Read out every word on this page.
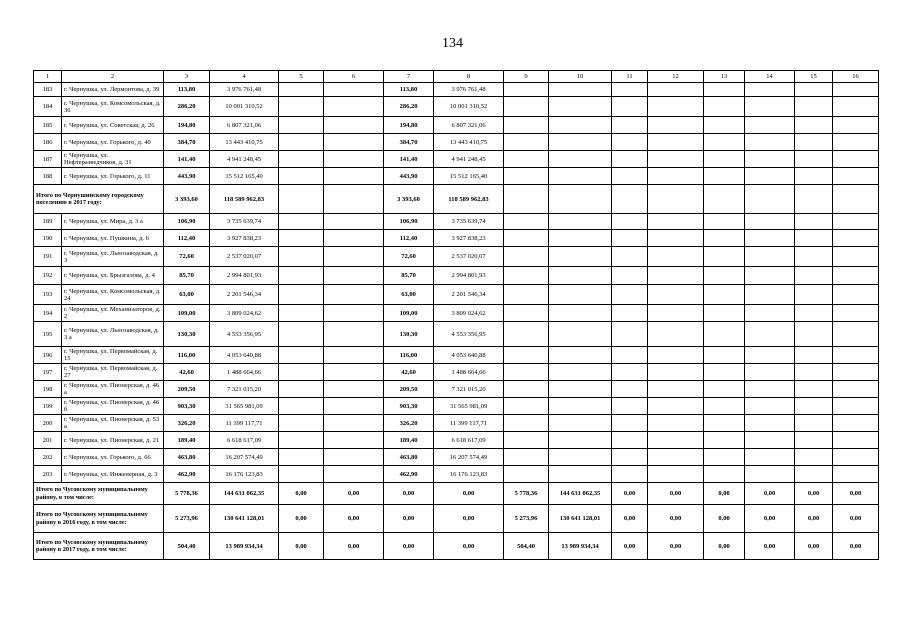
134
1	2	3	4	5	6	7	8	9	10	11	12	13	14	15	16
183	г. Чернушка, ул. Лермонтова, д. 39	113,80	3 976 761,48			113,80	3 976 761,48								
184	г. Чернушка, ул. Комсомольская, д. 36	286,20	10 001 310,52			286,20	10 001 310,52								
185	г. Чернушка, ул. Советская, д. 26	194,80	6 807 321,06			194,80	6 807 321,06								
186	г. Чернушка, ул. Горького, д. 40	384,70	13 443 410,75			384,70	13 443 410,75								
187	г. Чернушка, ул. Нефтеразведчиков, д. 31	141,40	4 941 248,45			141,40	4 941 248,45								
188	г. Чернушка, ул. Горького, д. 11	443,90	15 512 165,40			443,90	15 512 165,40								
Итого по Чернушинскому городскому поселению в 2017 году:		3 393,60	118 589 962,83			3 393,60	118 589 962,83								
189	г. Чернушка, ул. Мира, д. 3 а	106,90	3 735 639,74			106,90	3 735 639,74								
190	г. Чернушка, ул. Пушкина, д. 6	112,40	3 927 838,23			112,40	3 927 838,23								
191	г. Чернушка, ул. Льнозаводская, д. 3	72,60	2 537 020,07			72,60	2 537 020,07								
192	г. Чернушка, ул. Брызгалова, д. 4	85,70	2 994 801,93			85,70	2 994 801,93								
193	г. Чернушка, ул. Комсомольская, д. 24	63,00	2 201 546,34			63,00	2 201 546,34								
194	г. Чернушка, ул. Механизаторов, д. 2	109,00	3 809 024,62			109,00	3 809 024,62								
195	г. Чернушка, ул. Льнозаводская, д. 3 а	130,30	4 553 356,95			130,30	4 553 356,95								
196	г. Чернушка, ул. Первомайская, д. 15	116,00	4 053 640,88			116,00	4 053 640,88								
197	г. Чернушка, ул. Первомайская, д. 27	42,60	1 488 664,66			42,60	1 488 664,66								
198	г. Чернушка, ул. Пионерская, д. 46 а	209,50	7 321 015,20			209,50	7 321 015,20								
199	г. Чернушка, ул. Пионерская, д. 46 б	903,30	31 565 981,09			903,30	31 565 981,09								
200	г. Чернушка, ул. Пионерская, д. 53 а	326,20	11 399 117,71			326,20	11 399 117,71								
201	г. Чернушка, ул. Пионерская, д. 21	189,40	6 618 617,09			189,40	6 618 617,09								
202	г. Чернушка, ул. Горького, д. 66	463,80	16 207 574,49			463,80	16 207 574,49								
203	г. Чернушка, ул. Инженерная, д. 3	462,90	16 176 123,83			462,90	16 176 123,83								
Итого по Чусовскому муниципальному району, в том числе:		5 778,36	144 631 062,35	0,00	0,00	0,00	0,00	5 778,36	144 631 062,35	0,00	0,00	0,00	0,00	0,00	0,00
Итого по Чусовскому муниципальному району в 2016 году, в том числе:		5 273,96	130 641 128,01	0,00	0,00	0,00	0,00	5 273,96	130 641 128,01	0,00	0,00	0,00	0,00	0,00	0,00
Итого по Чусовскому муниципальному району в 2017 году, в том числе:		504,40	13 989 934,34	0,00	0,00	0,00	0,00	504,40	13 989 934,34	0,00	0,00	0,00	0,00	0,00	0,00
